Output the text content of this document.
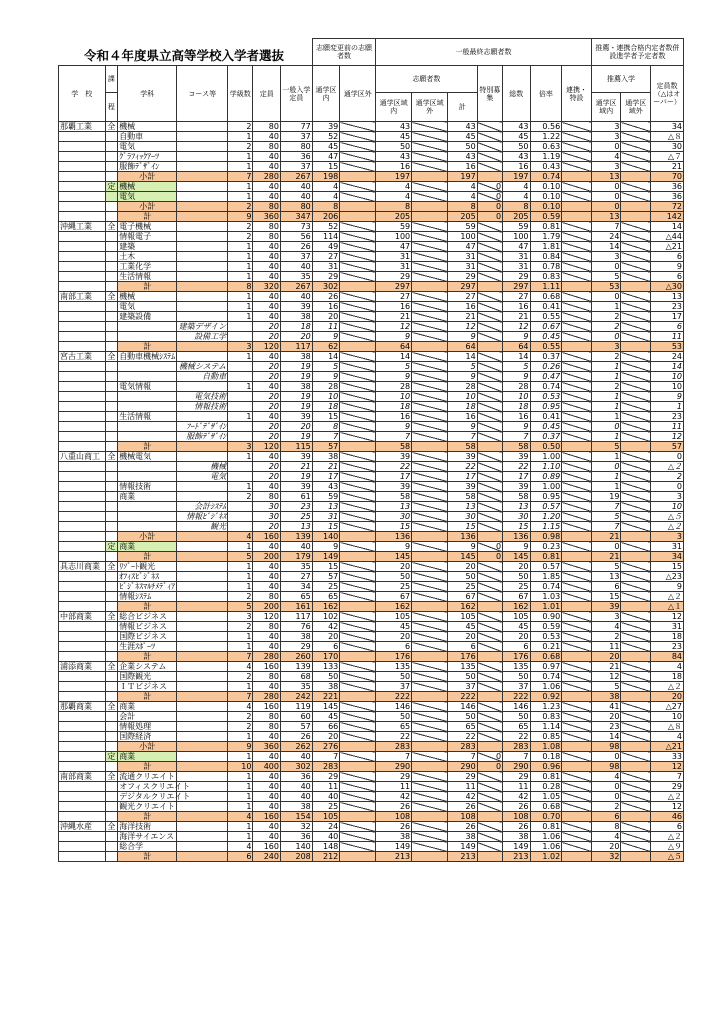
令和４年度県立高等学校入学者選抜
							志願変更前の志願者数		一般最終志願者数							推薦・連携合格内定者数併設進学者予定者数		
学　校	課	学科	コース等	学級数	定員	一般入学定員	通学区内	通学区外	志願者数			特別募集	総数	倍率	連携・特設	推薦入学		定員数（△はオーバー）
	程								通学区域内	通学区域外	計					通学区域内	通学区域外	
那覇工業	全	機械		2	80	77	39		43		43		43	0.56		3		34
		自動車		1	40	37	52		45		45		45	1.22		3		△８
		電気		2	80	80	45		50		50		50	0.63		0		30
		ｸﾞﾗﾌｨｯｸｱｰﾂ		1	40	36	47		43		43		43	1.19		4		△７
		服飾ﾃﾞｻﾞｲﾝ		1	40	37	15		16		16		16	0.43		3		21
		小計		7	280	267	198		197		197		197	0.74		13		70
	定	機械		1	40	40	4		4		4	0	4	0.10		0		36
		電気		1	40	40	4		4		4	0	4	0.10		0		36
		小計		2	80	80	8		8		8	0	8	0.10		0		72
		計		9	360	347	206		205		205	0	205	0.59		13		142
沖縄工業	全	電子機械		2	80	73	52		59		59		59	0.81		7		14
		情報電子		2	80	56	114		100		100		100	1.79		24		△44
		建築		1	40	26	49		47		47		47	1.81		14		△21
		土木		1	40	37	27		31		31		31	0.84		3		6
		工業化学		1	40	40	31		31		31		31	0.78		0		9
		生活情報		1	40	35	29		29		29		29	0.83		5		6
		計		8	320	267	302		297		297		297	1.11		53		△30
南部工業	全	機械		1	40	40	26		27		27		27	0.68		0		13
		電気		1	40	39	16		16		16		16	0.41		1		23
		建築設備		1	40	38	20		21		21		21	0.55		2		17
			建築デザイン		20	18	11		12		12		12	0.67		2		6
			設備工学		20	20	9		9		9		9	0.45		0		11
		計		3	120	117	62		64		64		64	0.55		3		53
宮古工業	全	自動車機械ｼｽﾃﾑ		1	40	38	14		14		14		14	0.37		2		24
			機械システム		20	19	5		5		5		5	0.26		1		14
			自動車		20	19	9		9		9		9	0.47		1		10
		電気情報		1	40	38	28		28		28		28	0.74		2		10
			電気技術		20	19	10		10		10		10	0.53		1		9
			情報技術		20	19	18		18		18		18	0.95		1		1
		生活情報		1	40	39	15		16		16		16	0.41		1		23
			ﾌｰﾄﾞﾃﾞｻﾞｲﾝ		20	20	8		9		9		9	0.45		0		11
			服飾ﾃﾞｻﾞｲﾝ		20	19	7		7		7		7	0.37		1		12
		計		3	120	115	57		58		58		58	0.50		5		57
八重山商工	全	機械電気		1	40	39	38		39		39		39	1.00		1		0
			機械		20	21	21		22		22		22	1.10		0		△２
			電気		20	19	17		17		17		17	0.89		1		2
		情報技術		1	40	39	43		39		39		39	1.00		1		0
		商業		2	80	61	59		58		58		58	0.95		19		3
			会計ｼｽﾃﾑ		30	23	13		13		13		13	0.57		7		10
			情報ﾋﾞｼﾞﾈｽ		30	25	31		30		30		30	1.20		5		△５
			観光		20	13	15		15		15		15	1.15		7		△２
		小計		4	160	139	140		136		136		136	0.98		21		3
	定	商業		1	40	40	9		9		9	0	9	0.23		0		31
		計		5	200	179	149		145		145	0	145	0.81		21		34
具志川商業	全	ﾘｿﾞｰﾄ観光		1	40	35	15		20		20		20	0.57		5		15
		ｵﾌｨｽﾋﾞｼﾞﾈｽ		1	40	27	57		50		50		50	1.85		13		△23
		ﾋﾞｼﾞﾈｽﾏﾙﾁﾒﾃﾞｨｱ		1	40	34	25		25		25		25	0.74		6		9
		情報ｼｽﾃﾑ		2	80	65	65		67		67		67	1.03		15		△２
		計		5	200	161	162		162		162		162	1.01		39		△１
中部商業	全	総合ビジネス		3	120	117	102		105		105		105	0.90		3		12
		情報ビジネス		2	80	76	42		45		45		45	0.59		4		31
		国際ビジネス		1	40	38	20		20		20		20	0.53		2		18
		生涯ｽﾎﾟｰﾂ		1	40	29	6		6		6		6	0.21		11		23
		計		7	280	260	170		176		176		176	0.68		20		84
浦添商業	全	企業システム		4	160	139	133		135		135		135	0.97		21		4
		国際観光		2	80	68	50		50		50		50	0.74		12		18
		ＩＴビジネス		1	40	35	38		37		37		37	1.06		5		△２
		計		7	280	242	221		222		222		222	0.92		38		20
那覇商業	全	商業		4	160	119	145		146		146		146	1.23		41		△27
		会計		2	80	60	45		50		50		50	0.83		20		10
		情報処理		2	80	57	66		65		65		65	1.14		23		△８
		国際経済		1	40	26	20		22		22		22	0.85		14		4
		小計		9	360	262	276		283		283		283	1.08		98		△21
	定	商業		1	40	40	7		7		7	0	7	0.18		0		33
		計		10	400	302	283		290		290	0	290	0.96		98		12
南部商業	全	流通クリエイト		1	40	36	29		29		29		29	0.81		4		7
		オフィスクリエイト		1	40	40	11		11		11		11	0.28		0		29
		デジタルクリエイト		1	40	40	40		42		42		42	1.05		0		△２
		観光クリエイト		1	40	38	25		26		26		26	0.68		2		12
		計		4	160	154	105		108		108		108	0.70		6		46
沖縄水産	全	海洋技術		1	40	32	24		26		26		26	0.81		8		6
		海洋サイエンス		1	40	36	40		38		38		38	1.06		4		△２
		総合学		4	160	140	148		149		149		149	1.06		20		△９
		計		6	240	208	212		213		213		213	1.02		32		△５
